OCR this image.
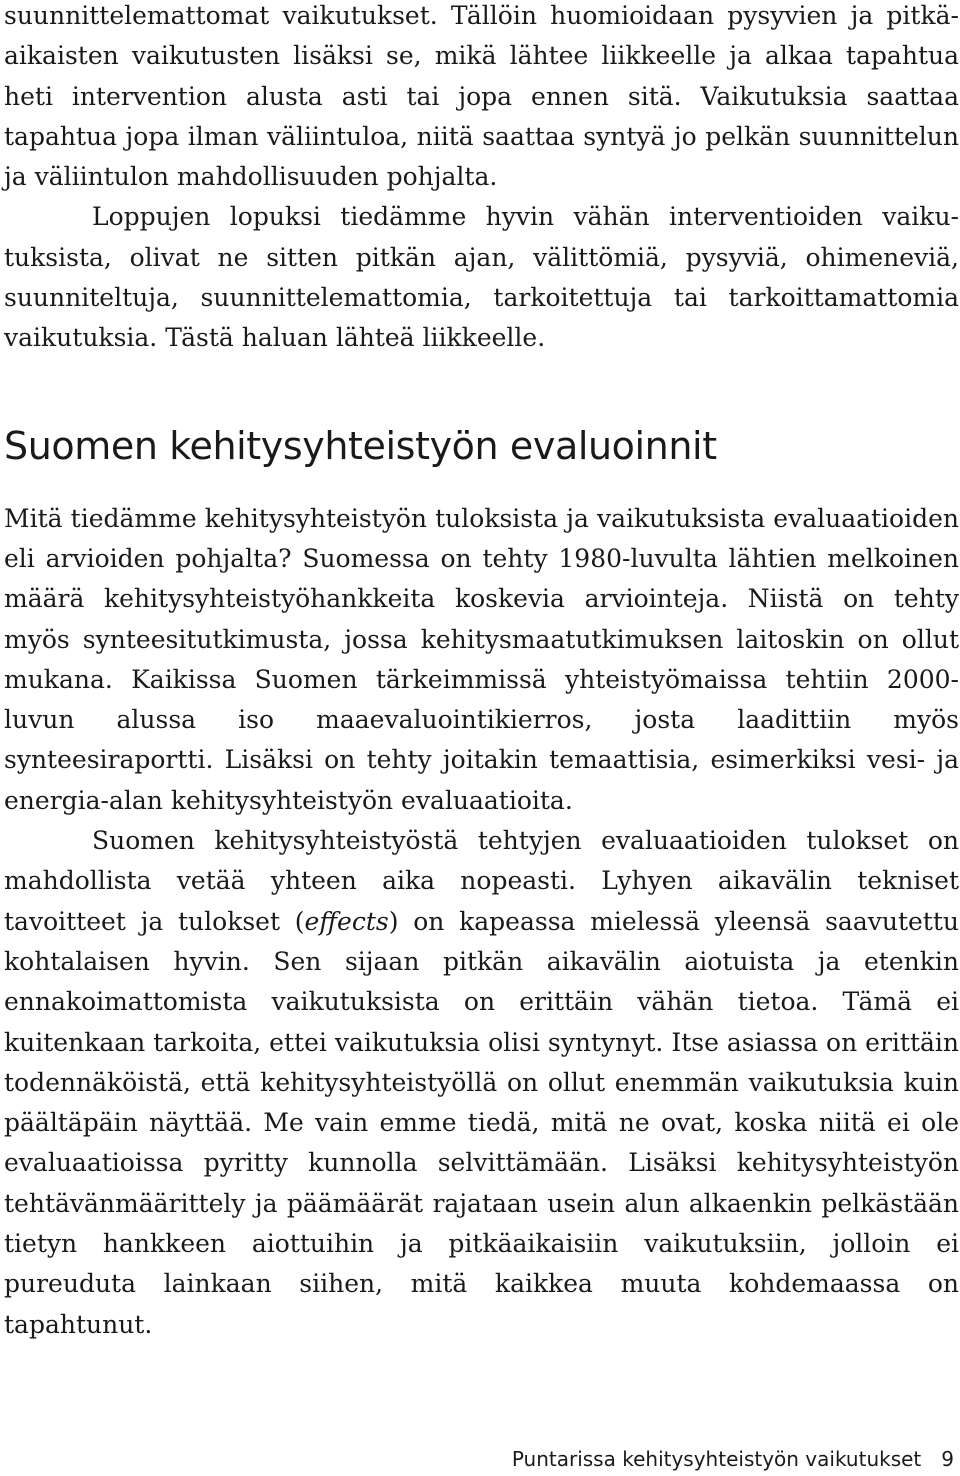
suunnittelemattomat vaikutukset. Tällöin huomioidaan pysyvien ja pitkäaikaisten vaikutusten lisäksi se, mikä lähtee liikkeelle ja alkaa tapahtua heti intervention alusta asti tai jopa ennen sitä. Vaikutuksia saattaa tapahtua jopa ilman väliintuloa, niitä saattaa syntyä jo pelkän suunnittelun ja väliintulon mahdollisuuden pohjalta.

Loppujen lopuksi tiedämme hyvin vähän interventioiden vaikutuksista, olivat ne sitten pitkän ajan, välittömiä, pysyviä, ohimeneviä, suunniteltuja, suunnittelemattomia, tarkoitettuja tai tarkoittamattomia vaikutuksia. Tästä haluan lähteä liikkeelle.

Suomen kehitysyhteistyön evaluoinnit

Mitä tiedämme kehitysyhteistyön tuloksista ja vaikutuksista evaluaatioiden eli arvioiden pohjalta? Suomessa on tehty 1980-luvulta lähtien melkoinen määrä kehitysyhteistyöhankkeita koskevia arviointeja. Niistä on tehty myös synteesitutkimusta, jossa kehitysmaatutkimuksen laitoskin on ollut mukana. Kaikissa Suomen tärkeimmissä yhteistyömaissa tehtiin 2000-luvun alussa iso maaevaluointikierros, josta laadittiin myös synteesiraportti. Lisäksi on tehty joitakin temaattisia, esimerkiksi vesi- ja energia-alan kehitysyhteistyön evaluaatioita.

Suomen kehitysyhteistyöstä tehtyjen evaluaatioiden tulokset on mahdollista vetää yhteen aika nopeasti. Lyhyen aikavälin tekniset tavoitteet ja tulokset (effects) on kapeassa mielessä yleensä saavutettu kohtalaisen hyvin. Sen sijaan pitkän aikavälin aiotuista ja etenkin ennakoimattomista vaikutuksista on erittäin vähän tietoa. Tämä ei kuitenkaan tarkoita, ettei vaikutuksia olisi syntynyt. Itse asiassa on erittäin todennäköistä, että kehitysyhteistyöllä on ollut enemmän vaikutuksia kuin päältäpäin näyttää. Me vain emme tiedä, mitä ne ovat, koska niitä ei ole evaluaatioissa pyritty kunnolla selvittämään. Lisäksi kehitysyhteistyön tehtävänmäärittely ja päämäärät rajataan usein alun alkaenkin pelkästään tietyn hankkeen aiottuihin ja pitkäaikaisiin vaikutuksiin, jolloin ei pureuduta lainkaan siihen, mitä kaikkea muuta kohdemaassa on tapahtunut.

Puntarissa kehitysyhteistyön vaikutukset 9
